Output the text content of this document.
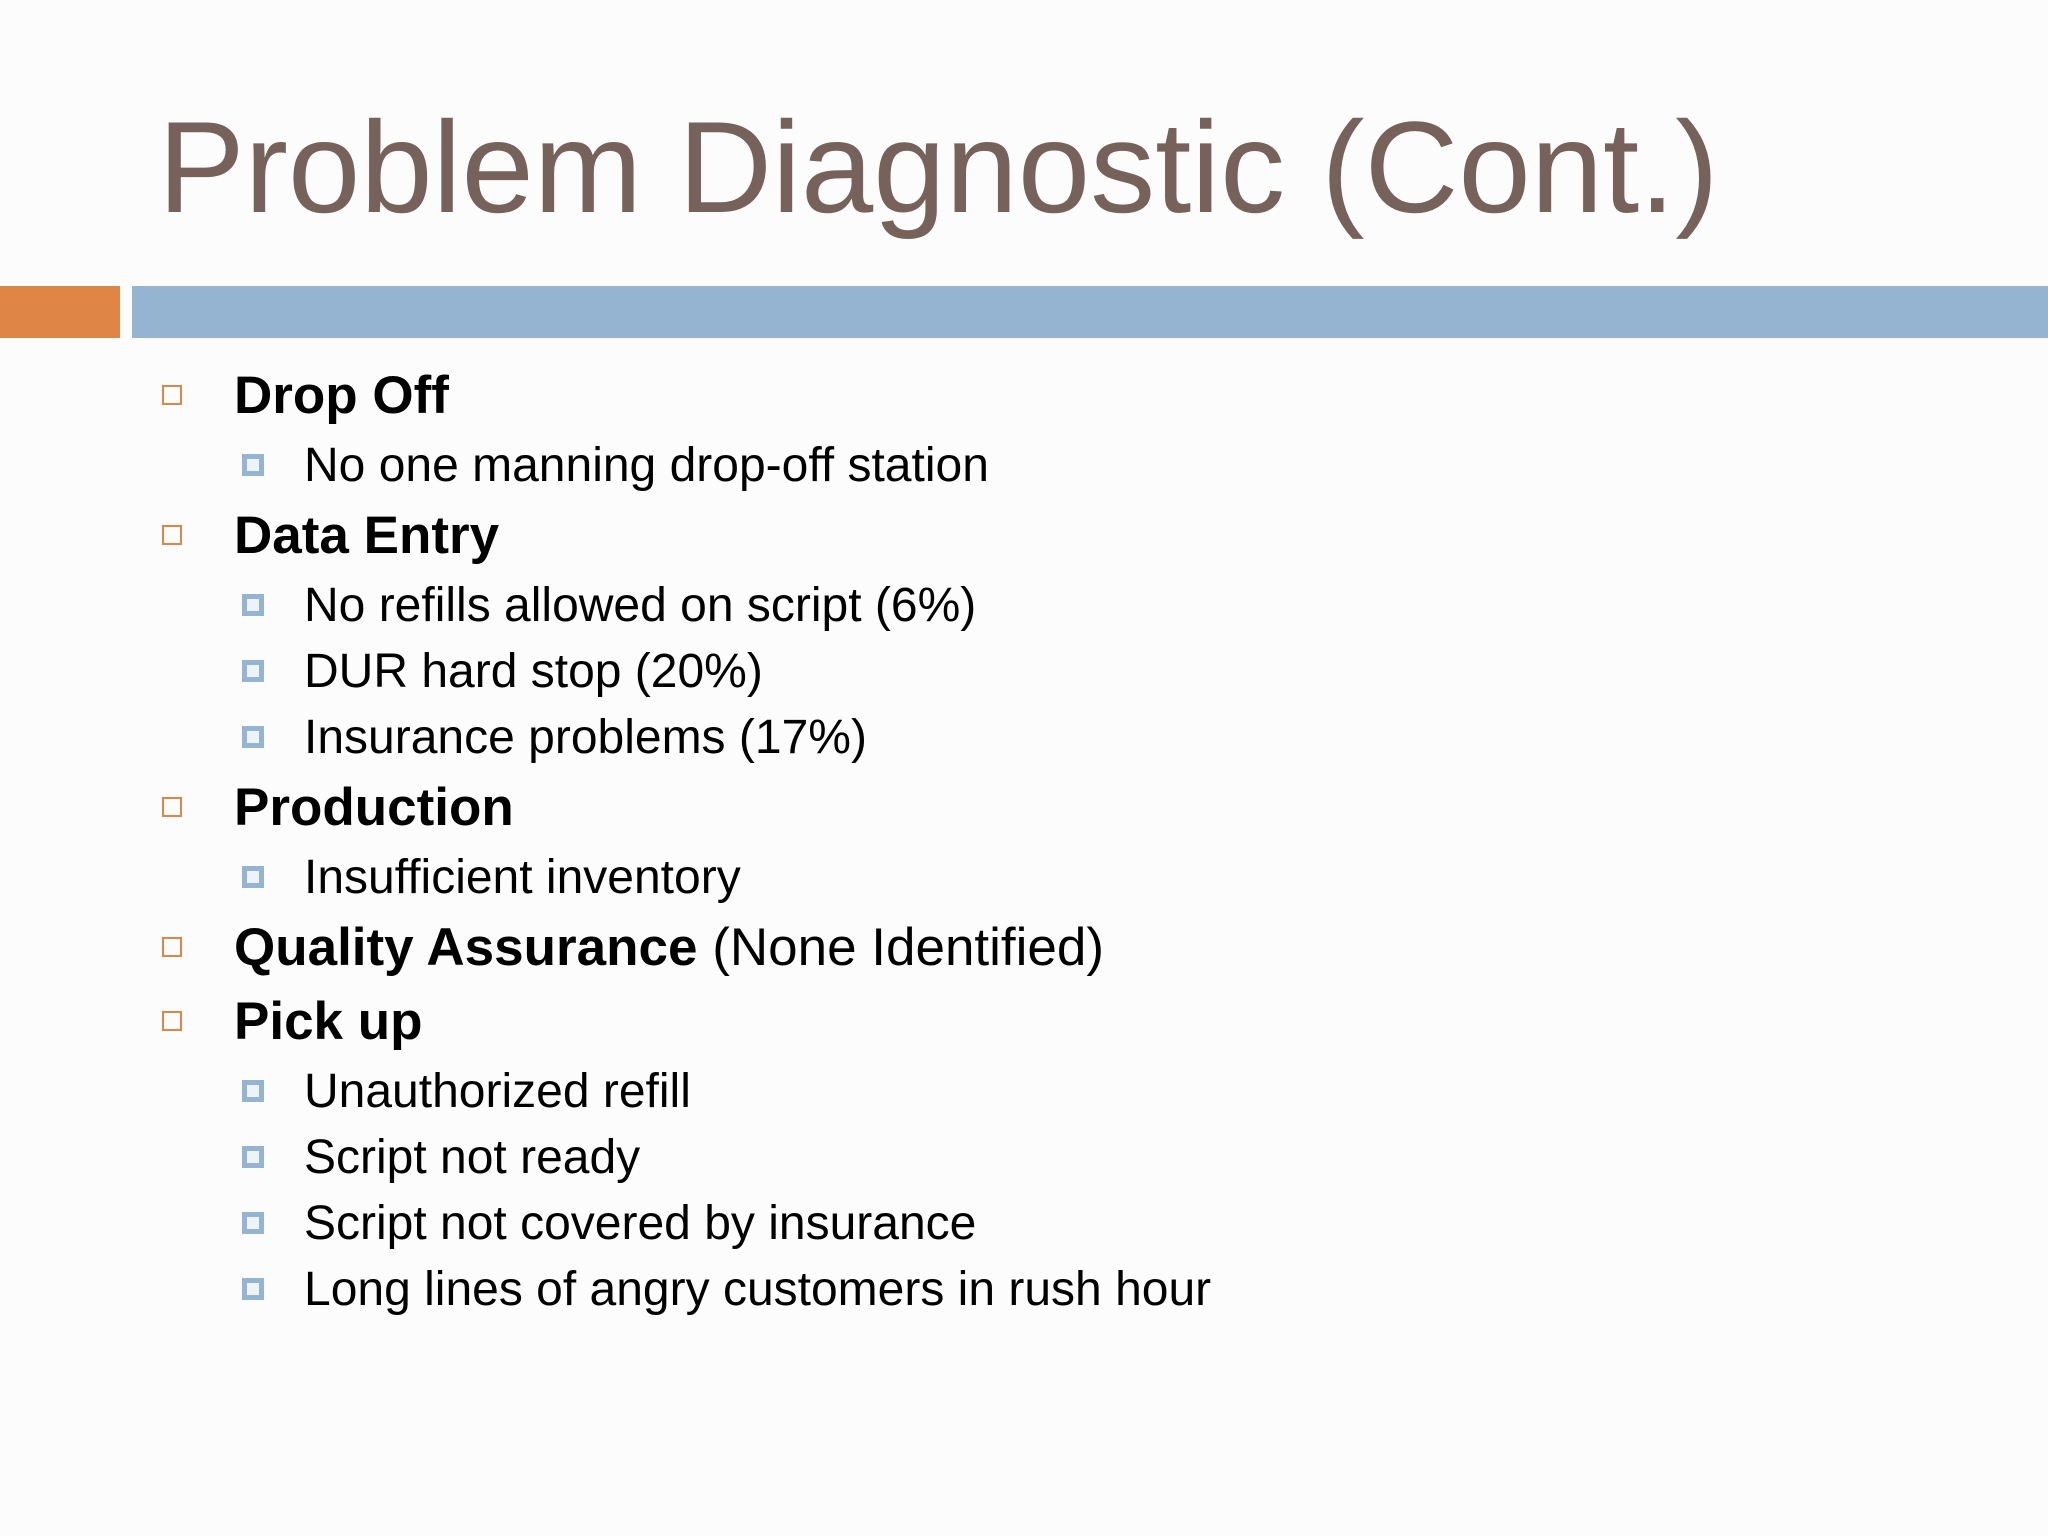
Problem Diagnostic (Cont.)
Drop Off
No one manning drop-off station
Data Entry
No refills allowed on script (6%)
DUR hard stop (20%)
Insurance problems (17%)
Production
Insufficient inventory
Quality Assurance (None Identified)
Pick up
Unauthorized refill
Script not ready
Script not covered by insurance
Long lines of angry customers in rush hour
